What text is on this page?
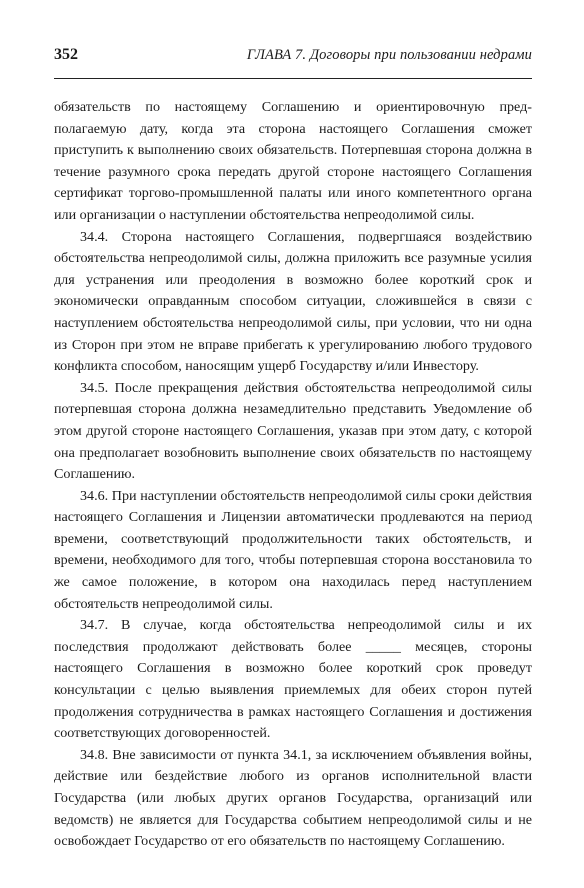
352	ГЛАВА 7. Договоры при пользовании недрами

обязательств по настоящему Соглашению и ориентировочную предполагаемую дату, когда эта сторона настоящего Соглашения сможет приступить к выполнению своих обязательств. Потерпевшая сторона должна в течение разумного срока передать другой стороне настоящего Соглашения сертификат торгово-промышленной палаты или иного компетентного органа или организации о наступлении обстоятельства непреодолимой силы.

34.4. Сторона настоящего Соглашения, подвергшаяся воздействию обстоятельства непреодолимой силы, должна приложить все разумные усилия для устранения или преодоления в возможно более короткий срок и экономически оправданным способом ситуации, сложившейся в связи с наступлением обстоятельства непреодолимой силы, при условии, что ни одна из Сторон при этом не вправе прибегать к урегулированию любого трудового конфликта способом, наносящим ущерб Государству и/или Инвестору.

34.5. После прекращения действия обстоятельства непреодолимой силы потерпевшая сторона должна незамедлительно представить Уведомление об этом другой стороне настоящего Соглашения, указав при этом дату, с которой она предполагает возобновить выполнение своих обязательств по настоящему Соглашению.

34.6. При наступлении обстоятельств непреодолимой силы сроки действия настоящего Соглашения и Лицензии автоматически продлеваются на период времени, соответствующий продолжительности таких обстоятельств, и времени, необходимого для того, чтобы потерпевшая сторона восстановила то же самое положение, в котором она находилась перед наступлением обстоятельств непреодолимой силы.

34.7. В случае, когда обстоятельства непреодолимой силы и их последствия продолжают действовать более _____ месяцев, стороны настоящего Соглашения в возможно более короткий срок проведут консультации с целью выявления приемлемых для обеих сторон путей продолжения сотрудничества в рамках настоящего Соглашения и достижения соответствующих договоренностей.

34.8. Вне зависимости от пункта 34.1, за исключением объявления войны, действие или бездействие любого из органов исполнительной власти Государства (или любых других органов Государства, организаций или ведомств) не является для Государства событием непреодолимой силы и не освобождает Государство от его обязательств по настоящему Соглашению.
